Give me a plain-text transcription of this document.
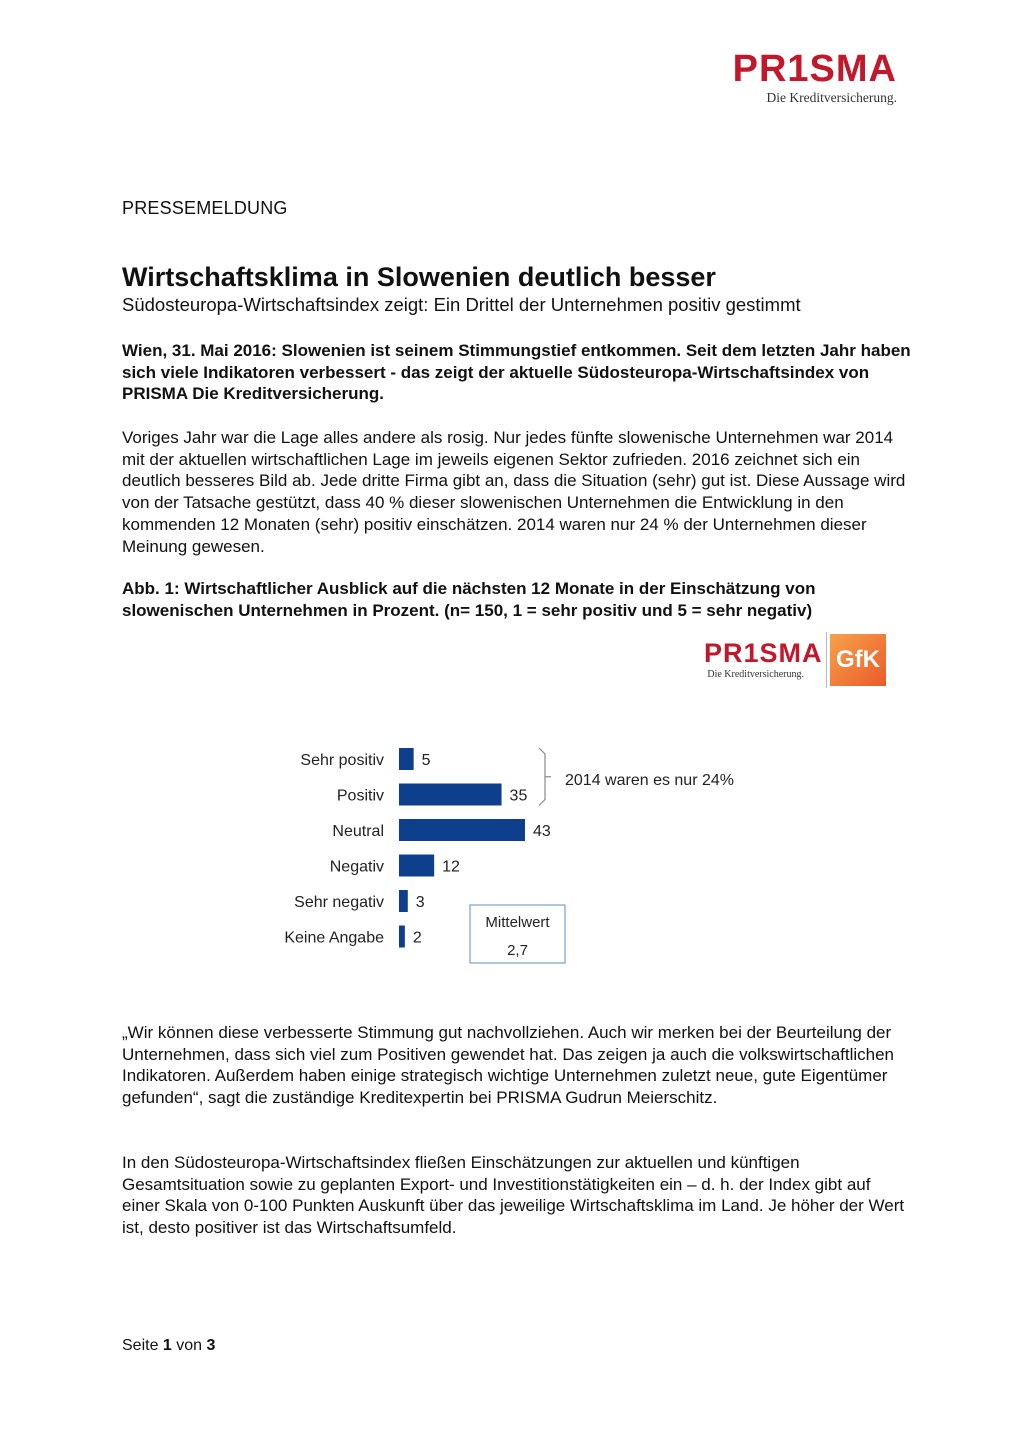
PR1SMA
Die Kreditversicherung.
PRESSEMELDUNG
Wirtschaftsklima in Slowenien deutlich besser
Südosteuropa-Wirtschaftsindex zeigt: Ein Drittel der Unternehmen positiv gestimmt
Wien, 31. Mai 2016: Slowenien ist seinem Stimmungstief entkommen. Seit dem letzten Jahr haben sich viele Indikatoren verbessert - das zeigt der aktuelle Südosteuropa-Wirtschaftsindex von PRISMA Die Kreditversicherung.
Voriges Jahr war die Lage alles andere als rosig. Nur jedes fünfte slowenische Unternehmen war 2014 mit der aktuellen wirtschaftlichen Lage im jeweils eigenen Sektor zufrieden. 2016 zeichnet sich ein deutlich besseres Bild ab. Jede dritte Firma gibt an, dass die Situation (sehr) gut ist. Diese Aussage wird von der Tatsache gestützt, dass 40 % dieser slowenischen Unternehmen die Entwicklung in den kommenden 12 Monaten (sehr) positiv einschätzen. 2014 waren nur 24 % der Unternehmen dieser Meinung gewesen.
Abb. 1: Wirtschaftlicher Ausblick auf die nächsten 12 Monate in der Einschätzung von slowenischen Unternehmen in Prozent. (n= 150, 1 = sehr positiv und 5 = sehr negativ)
PR1SMA
Die Kreditversicherung.
GfK
Sehr positiv 5
Positiv	35
Neutral	43
Negativ	12
Sehr negativ 3
Keine Angabe 2
2014 waren es nur 24%
Mittelwert
2,7
„Wir können diese verbesserte Stimmung gut nachvollziehen. Auch wir merken bei der Beurteilung der Unternehmen, dass sich viel zum Positiven gewendet hat. Das zeigen ja auch die volkswirtschaftlichen Indikatoren. Außerdem haben einige strategisch wichtige Unternehmen zuletzt neue, gute Eigentümer gefunden“, sagt die zuständige Kreditexpertin bei PRISMA Gudrun Meierschitz.
In den Südosteuropa-Wirtschaftsindex fließen Einschätzungen zur aktuellen und künftigen Gesamtsituation sowie zu geplanten Export- und Investitionstätigkeiten ein – d. h. der Index gibt auf einer Skala von 0-100 Punkten Auskunft über das jeweilige Wirtschaftsklima im Land. Je höher der Wert ist, desto positiver ist das Wirtschaftsumfeld.
Seite 1 von 3
